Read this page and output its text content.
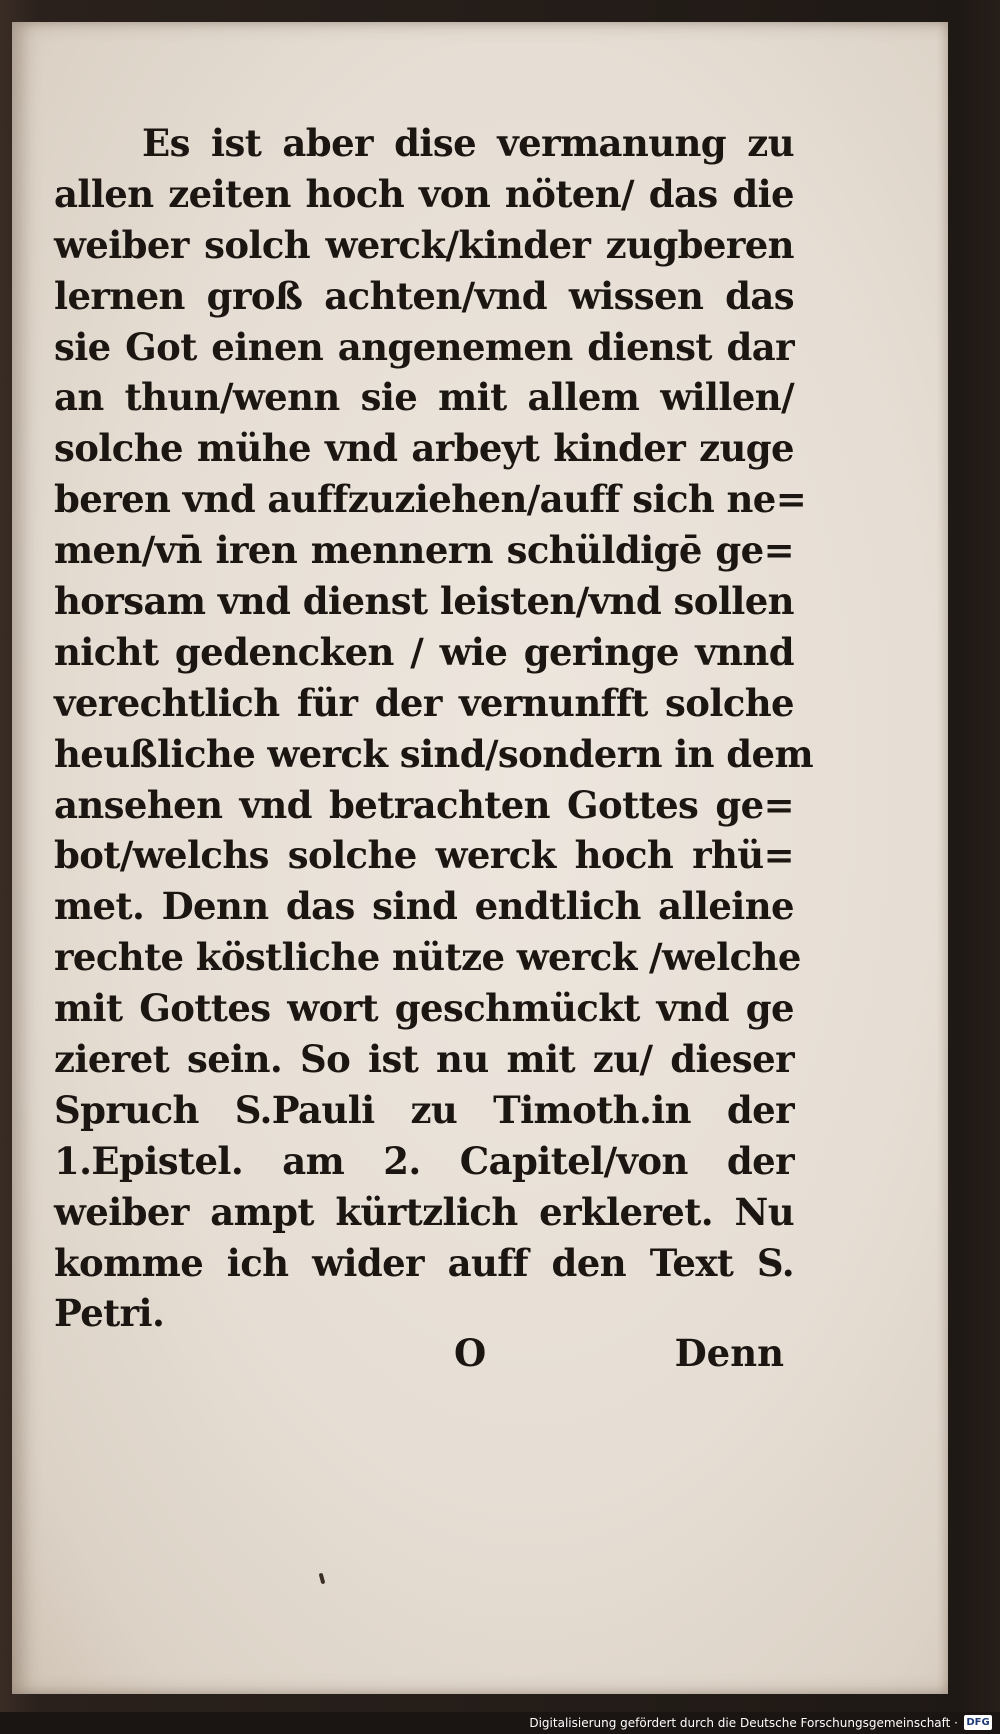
Es ist aber dise vermanung zu
allen zeiten hoch von nöten/ das die
weiber solch werck/kinder zugberen
lernen groß achten/vnd wissen das
sie Got einen angenemen dienst dar
an thun/wenn sie mit allem willen/
solche mühe vnd arbeyt kinder zuge
beren vnd auffzuziehen/auff sich ne=
men/vn̄ iren mennern schüldigē ge=
horsam vnd dienst leisten/vnd sollen
nicht gedencken / wie geringe vnnd
verechtlich für der vernunfft solche
heußliche werck sind/sondern in dem
ansehen vnd betrachten Gottes ge=
bot/welchs solche werck hoch rhü=
met. Denn das sind endtlich alleine
rechte köstliche nütze werck /welche
mit Gottes wort geschmückt vnd ge
zieret sein. So ist nu mit zu/ dieser
Spruch S.Pauli zu Timoth.in der
1.Epistel. am 2. Capitel/von der
weiber ampt kürtzlich erkleret. Nu
komme ich wider auff den Text S.
Petri.
O	Denn
Digitalisierung gefördert durch die Deutsche Forschungsgemeinschaft · DFG
